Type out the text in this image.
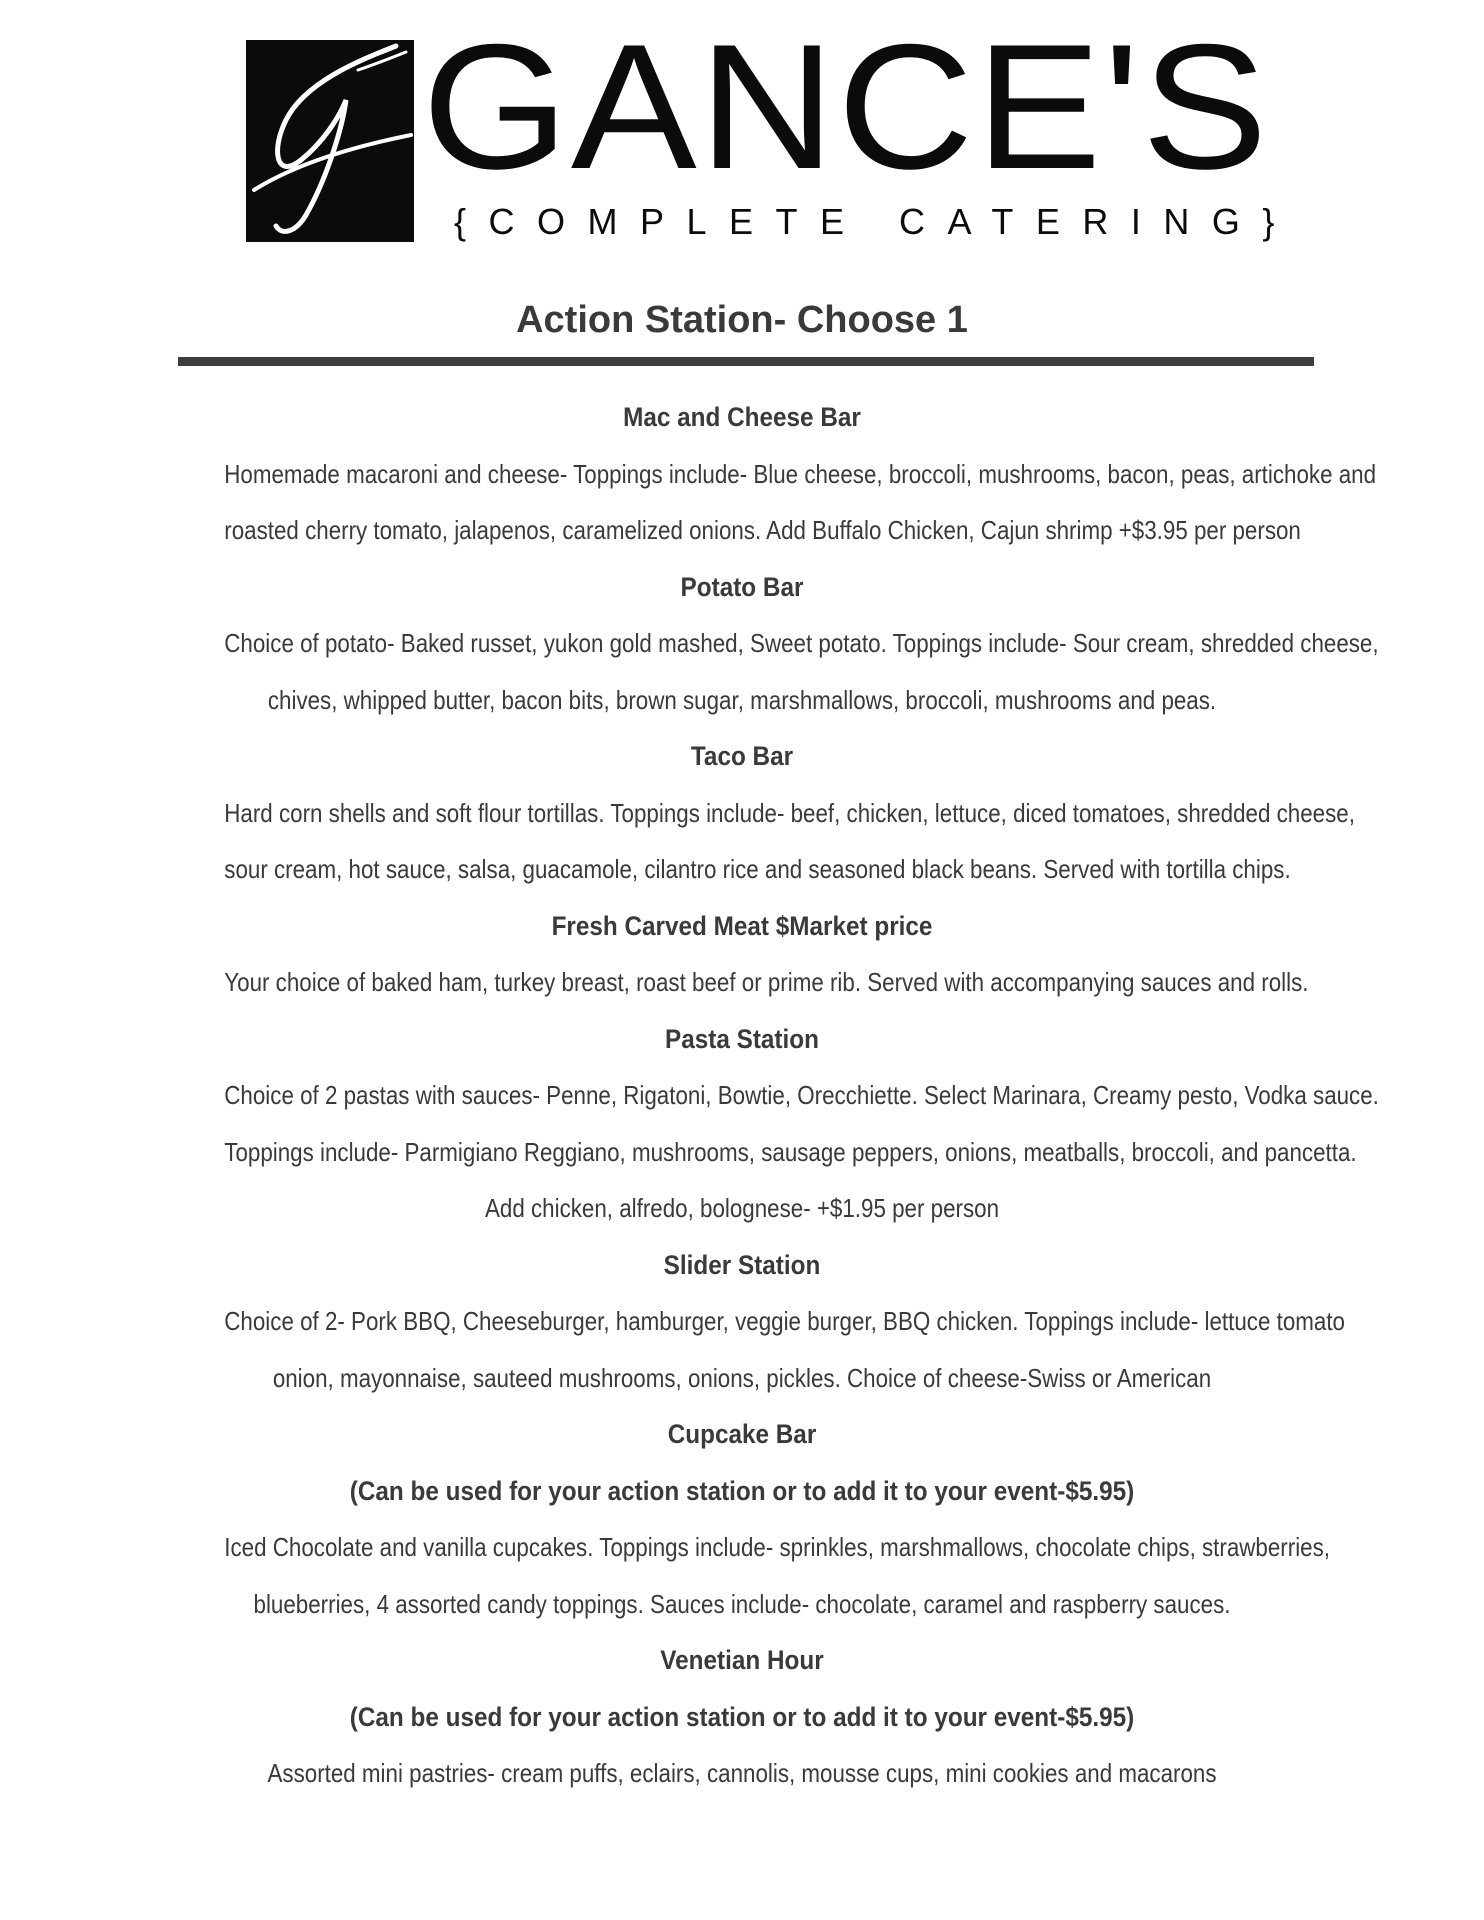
GANCE'S
{COMPLETE CATERING}
Action Station- Choose 1
Mac and Cheese Bar
Homemade macaroni and cheese- Toppings include- Blue cheese, broccoli, mushrooms, bacon, peas, artichoke and
roasted cherry tomato, jalapenos, caramelized onions. Add Buffalo Chicken, Cajun shrimp +$3.95 per person
Potato Bar
Choice of potato- Baked russet, yukon gold mashed, Sweet potato. Toppings include- Sour cream, shredded cheese,
chives, whipped butter, bacon bits, brown sugar, marshmallows, broccoli, mushrooms and peas.
Taco Bar
Hard corn shells and soft flour tortillas. Toppings include- beef, chicken, lettuce, diced tomatoes, shredded cheese,
sour cream, hot sauce, salsa, guacamole, cilantro rice and seasoned black beans. Served with tortilla chips.
Fresh Carved Meat $Market price
Your choice of baked ham, turkey breast, roast beef or prime rib. Served with accompanying sauces and rolls.
Pasta Station
Choice of 2 pastas with sauces- Penne, Rigatoni, Bowtie, Orecchiette. Select Marinara, Creamy pesto, Vodka sauce.
Toppings include- Parmigiano Reggiano, mushrooms, sausage peppers, onions, meatballs, broccoli, and pancetta.
Add chicken, alfredo, bolognese- +$1.95 per person
Slider Station
Choice of 2- Pork BBQ, Cheeseburger, hamburger, veggie burger, BBQ chicken. Toppings include- lettuce tomato
onion, mayonnaise, sauteed mushrooms, onions, pickles. Choice of cheese-Swiss or American
Cupcake Bar
(Can be used for your action station or to add it to your event-$5.95)
Iced Chocolate and vanilla cupcakes. Toppings include- sprinkles, marshmallows, chocolate chips, strawberries,
blueberries, 4 assorted candy toppings. Sauces include- chocolate, caramel and raspberry sauces.
Venetian Hour
(Can be used for your action station or to add it to your event-$5.95)
Assorted mini pastries- cream puffs, eclairs, cannolis, mousse cups, mini cookies and macarons
